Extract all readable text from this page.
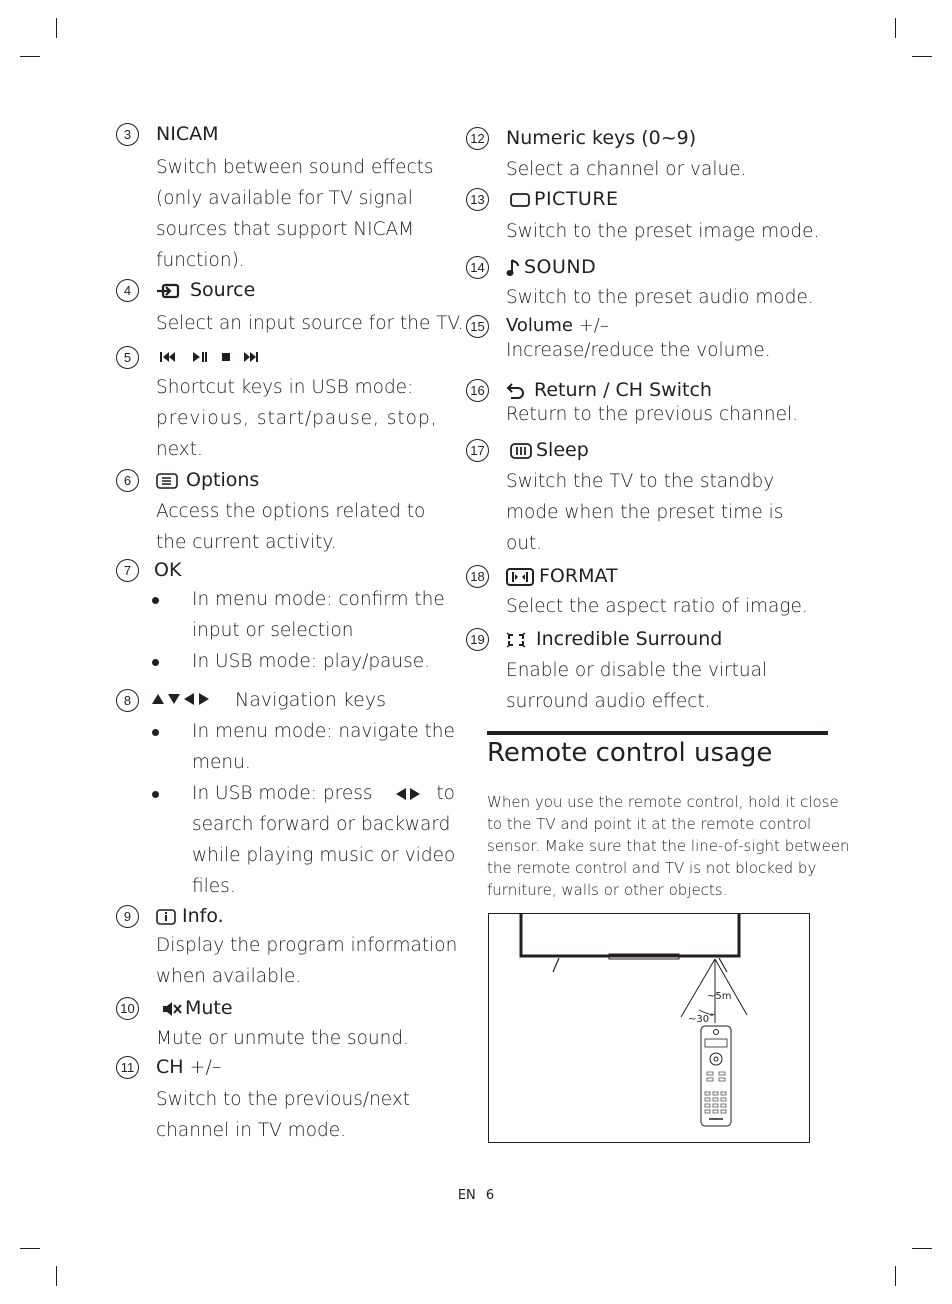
3	NICAM
Switch between sound effects
(only available for TV signal
sources that support NICAM
function).
4	Source
Select an input source for the TV.
5
Shortcut keys in USB mode:
previous, start/pause, stop,
next.
6	Options
Access the options related to
the current activity.
7	OK
In menu mode: confirm the
input or selection
In USB mode: play/pause.
8	Navigation keys
In menu mode: navigate the
menu.
In USB mode: press	to
search forward or backward
while playing music or video
files.
9	Info.
Display the program information
when available.
10	Mute
Mute or unmute the sound.
11 CH +/–
Switch to the previous/next
channel in TV mode.
12 Numeric keys (0~9)
Select a channel or value.
13	PICTURE
Switch to the preset image mode.
14	SOUND
Switch to the preset audio mode.
15 Volume +/–
Increase/reduce the volume.
16	Return / CH Switch
Return to the previous channel.
17	Sleep
Switch the TV to the standby
mode when the preset time is
out.
18	FORMAT
Select the aspect ratio of image.
19	Incredible Surround
Enable or disable the virtual
surround audio effect.
Remote control usage
When you use the remote control, hold it close
to the TV and point it at the remote control
sensor. Make sure that the line-of-sight between
the remote control and TV is not blocked by
furniture, walls or other objects.
~5m
~30˚
EN 6
